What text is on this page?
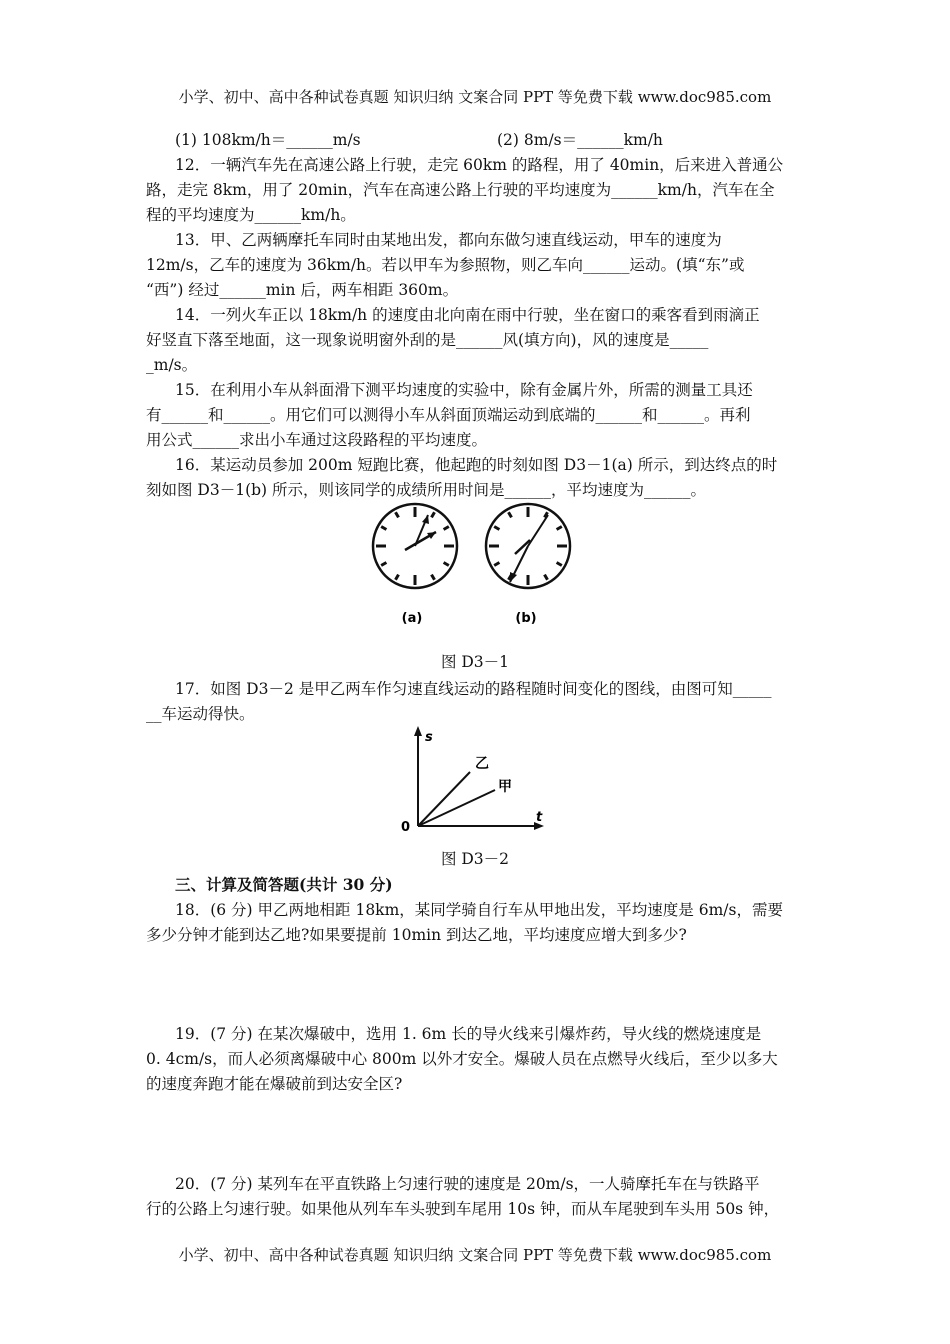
小学、初中、高中各种试卷真题 知识归纳 文案合同 PPT 等免费下载 www.doc985.com
(1) 108km/h＝______m/s	(2) 8m/s＝______km/h
12．一辆汽车先在高速公路上行驶，走完 60km 的路程，用了 40min，后来进入普通公
路，走完 8km，用了 20min，汽车在高速公路上行驶的平均速度为______km/h，汽车在全
程的平均速度为______km/h。
13．甲、乙两辆摩托车同时由某地出发，都向东做匀速直线运动，甲车的速度为
12m/s，乙车的速度为 36km/h。若以甲车为参照物，则乙车向______运动。(填“东”或
“西”) 经过______min 后，两车相距 360m。
14．一列火车正以 18km/h 的速度由北向南在雨中行驶，坐在窗口的乘客看到雨滴正
好竖直下落至地面，这一现象说明窗外刮的是______风(填方向)，风的速度是_____
_m/s。
15．在利用小车从斜面滑下测平均速度的实验中，除有金属片外，所需的测量工具还
有______和______。用它们可以测得小车从斜面顶端运动到底端的______和______。再利
用公式______求出小车通过这段路程的平均速度。
16．某运动员参加 200m 短跑比赛，他起跑的时刻如图 D3－1(a) 所示，到达终点的时
刻如图 D3－1(b) 所示，则该同学的成绩所用时间是______，平均速度为______。
(a)	(b)
图 D3－1
17．如图 D3－2 是甲乙两车作匀速直线运动的路程随时间变化的图线，由图可知_____
__车运动得快。
s
t
0
乙
甲
图 D3－2
三、计算及简答题(共计 30 分)
18．(6 分) 甲乙两地相距 18km，某同学骑自行车从甲地出发，平均速度是 6m/s，需要
多少分钟才能到达乙地?如果要提前 10min 到达乙地，平均速度应增大到多少?
19．(7 分) 在某次爆破中，选用 1. 6m 长的导火线来引爆炸药，导火线的燃烧速度是
0. 4cm/s，而人必须离爆破中心 800m 以外才安全。爆破人员在点燃导火线后，至少以多大
的速度奔跑才能在爆破前到达安全区?
20．(7 分) 某列车在平直铁路上匀速行驶的速度是 20m/s，一人骑摩托车在与铁路平
行的公路上匀速行驶。如果他从列车车头驶到车尾用 10s 钟，而从车尾驶到车头用 50s 钟，
小学、初中、高中各种试卷真题 知识归纳 文案合同 PPT 等免费下载 www.doc985.com
